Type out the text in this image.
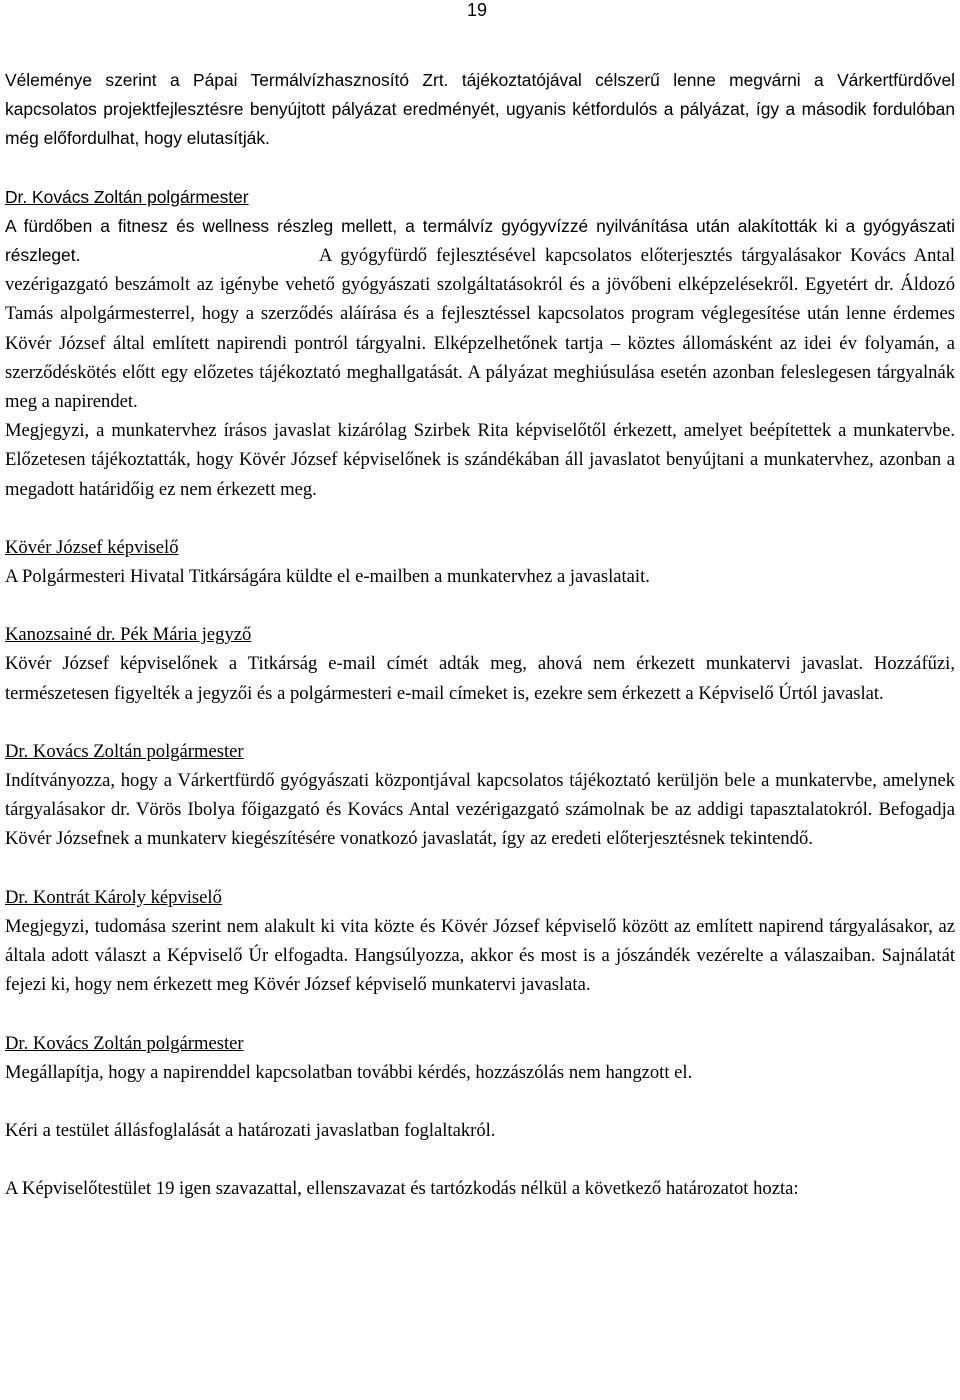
19

Véleménye szerint a Pápai Termálvízhasznosító Zrt. tájékoztatójával célszerű lenne megvárni a Várkertfürdővel kapcsolatos projektfejlesztésre benyújtott pályázat eredményét, ugyanis kétfordulós a pályázat, így a második fordulóban még előfordulhat, hogy elutasítják.

Dr. Kovács Zoltán polgármester
A fürdőben a fitnesz és wellness részleg mellett, a termálvíz gyógyvízzé nyilvánítása után alakították ki a gyógyászati részleget.	A gyógyfürdő fejlesztésével kapcsolatos előterjesztés tárgyalásakor Kovács Antal vezérigazgató beszámolt az igénybe vehető gyógyászati szolgáltatásokról és a jövőbeni elképzelésekről. Egyetért dr. Áldozó Tamás alpolgármesterrel, hogy a szerződés aláírása és a fejlesztéssel kapcsolatos program véglegesítése után lenne érdemes Kövér József által említett napirendi pontról tárgyalni. Elképzelhetőnek tartja – köztes állomásként az idei év folyamán, a szerződéskötés előtt egy előzetes tájékoztató meghallgatását. A pályázat meghiúsulása esetén azonban feleslegesen tárgyalnák meg a napirendet.

Megjegyzi, a munkatervhez írásos javaslat kizárólag Szirbek Rita képviselőtől érkezett, amelyet beépítettek a munkatervbe. Előzetesen tájékoztatták, hogy Kövér József képviselőnek is szándékában áll javaslatot benyújtani a munkatervhez, azonban a megadott határidőig ez nem érkezett meg.

Kövér József képviselő
A Polgármesteri Hivatal Titkárságára küldte el e-mailben a munkatervhez a javaslatait.
Kanozsainé dr. Pék Mária jegyző
Kövér József képviselőnek a Titkárság e-mail címét adták meg, ahová nem érkezett munkatervi javaslat. Hozzáfűzi, természetesen figyelték a jegyzői és a polgármesteri e-mail címeket is, ezekre sem érkezett a Képviselő Úrtól javaslat.
Dr. Kovács Zoltán polgármester
Indítványozza, hogy a Várkertfürdő gyógyászati központjával kapcsolatos tájékoztató kerüljön bele a munkatervbe, amelynek tárgyalásakor dr. Vörös Ibolya főigazgató és Kovács Antal vezérigazgató számolnak be az addigi tapasztalatokról. Befogadja Kövér Józsefnek a munkaterv kiegészítésére vonatkozó javaslatát, így az eredeti előterjesztésnek tekintendő.
Dr. Kontrát Károly képviselő
Megjegyzi, tudomása szerint nem alakult ki vita közte és Kövér József képviselő között az említett napirend tárgyalásakor, az általa adott választ a Képviselő Úr elfogadta. Hangsúlyozza, akkor és most is a jószándék vezérelte a válaszaiban. Sajnálatát fejezi ki, hogy nem érkezett meg Kövér József képviselő munkatervi javaslata.
Dr. Kovács Zoltán polgármester
Megállapítja, hogy a napirenddel kapcsolatban további kérdés, hozzászólás nem hangzott el.

Kéri a testület állásfoglalását a határozati javaslatban foglaltakról.

A Képviselőtestület 19 igen szavazattal, ellenszavazat és tartózkodás nélkül a következő határozatot hozta:
